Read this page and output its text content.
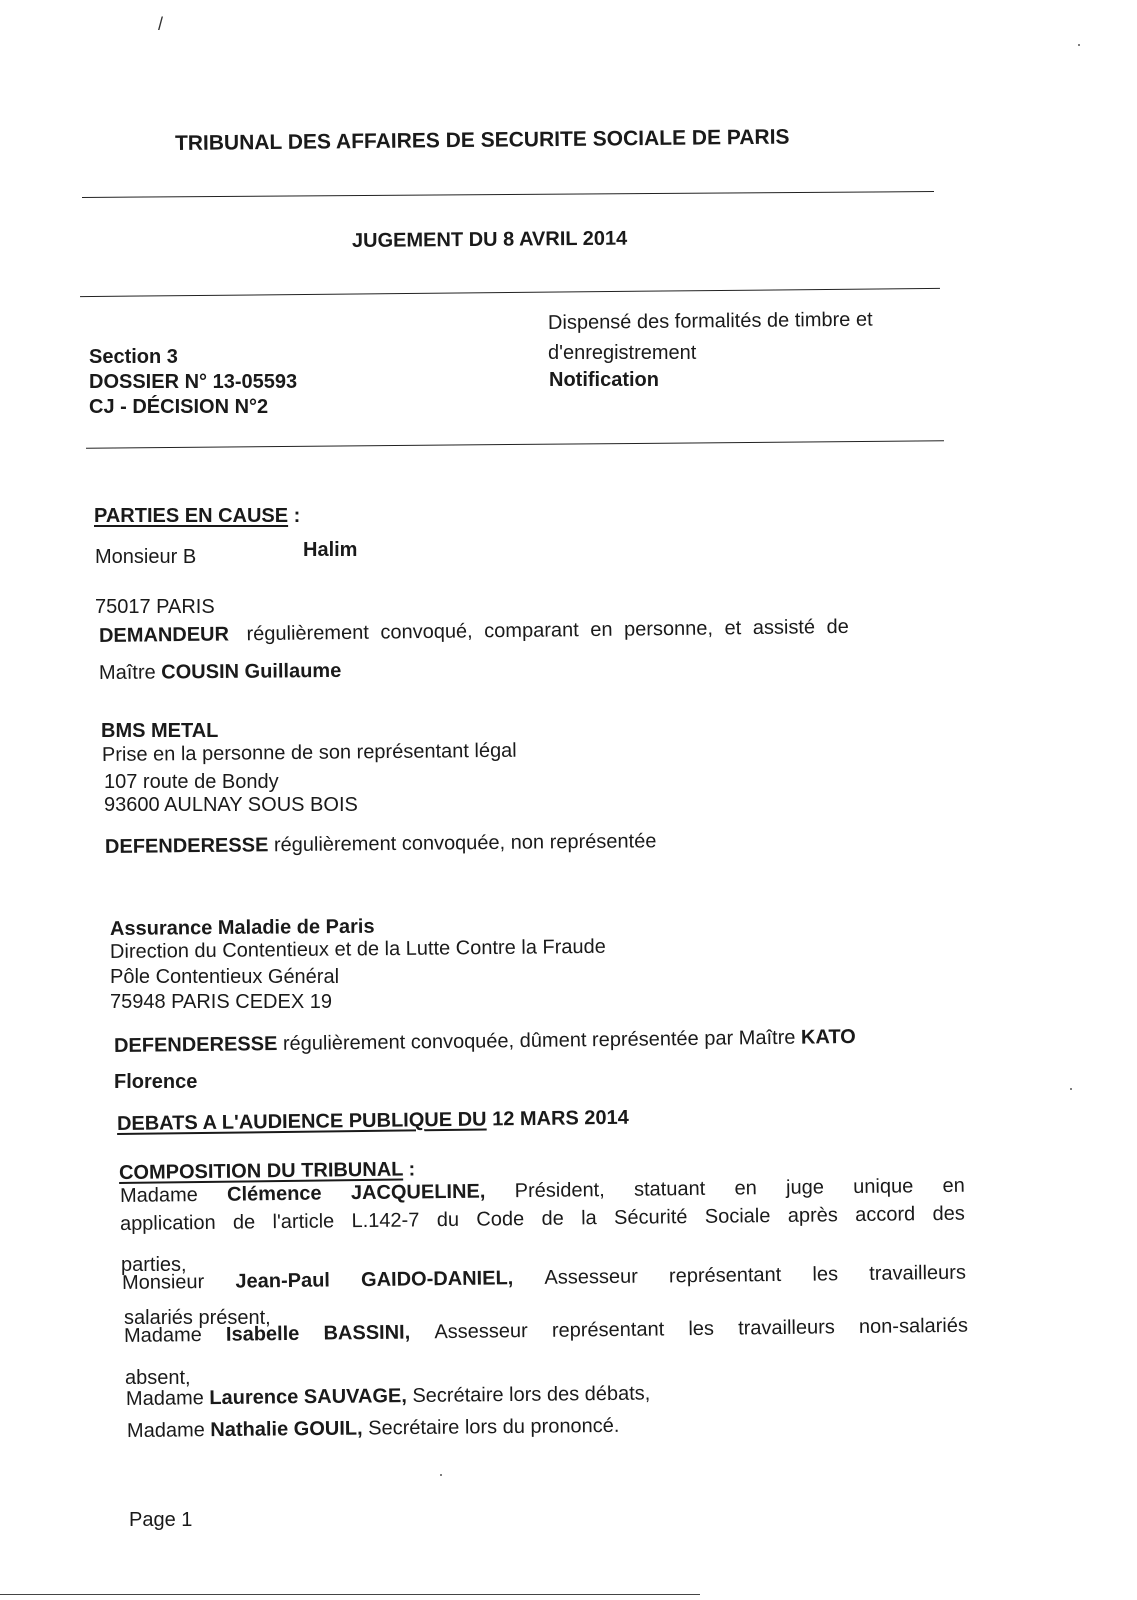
/
TRIBUNAL DES AFFAIRES DE SECURITE SOCIALE DE PARIS
JUGEMENT DU 8 AVRIL 2014
Section 3
DOSSIER N° 13-05593
CJ - DÉCISION N°2
Dispensé des formalités de timbre et
d'enregistrement
Notification
PARTIES EN CAUSE :
Monsieur B	Halim
75017 PARIS
DEMANDEUR régulièrement convoqué, comparant en personne, et assisté de
Maître COUSIN Guillaume
BMS METAL
Prise en la personne de son représentant légal
107 route de Bondy
93600 AULNAY SOUS BOIS
DEFENDERESSE régulièrement convoquée, non représentée
Assurance Maladie de Paris
Direction du Contentieux et de la Lutte Contre la Fraude
Pôle Contentieux Général
75948 PARIS CEDEX 19
DEFENDERESSE régulièrement convoquée, dûment représentée par Maître KATO
Florence
DEBATS A L'AUDIENCE PUBLIQUE DU 12 MARS 2014
COMPOSITION DU TRIBUNAL :
Madame Clémence JACQUELINE, Président, statuant en juge unique en
application de l'article L.142-7 du Code de la Sécurité Sociale après accord des
parties,
Monsieur Jean-Paul GAIDO-DANIEL, Assesseur représentant les travailleurs
salariés présent,
Madame Isabelle BASSINI, Assesseur représentant les travailleurs non-salariés
absent,
Madame Laurence SAUVAGE, Secrétaire lors des débats,
Madame Nathalie GOUIL, Secrétaire lors du prononcé.
Page 1
